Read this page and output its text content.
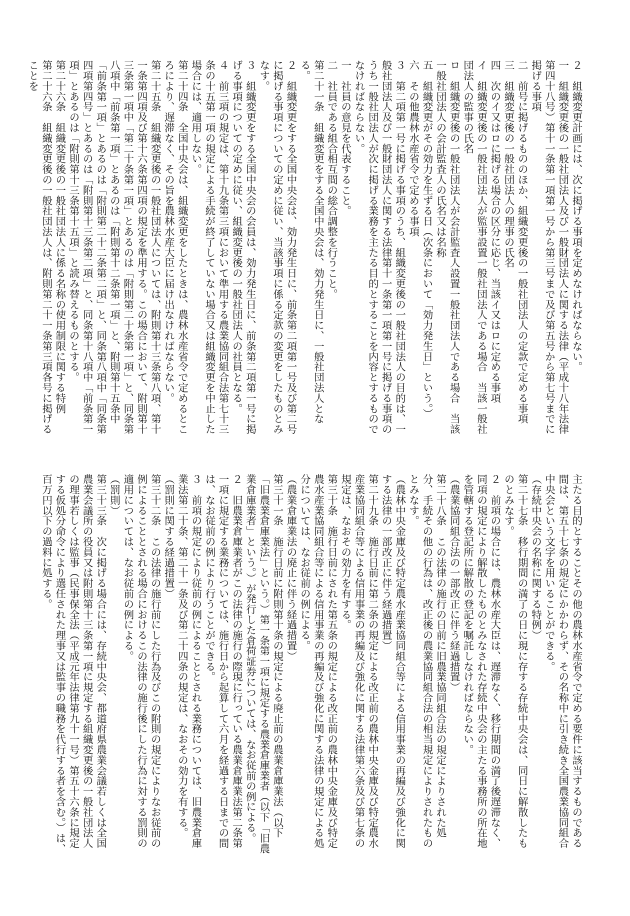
２　組織変更計画には、次に掲げる事項を定めなければならない。

一　組織変更後の一般社団法人及び一般財団法人に関する法律（平成十八年法律第四十八号）第十一条第一項第一号から第三号まで及び第五号から第七号までに掲げる事項

二　前号に掲げるもののほか、組織変更後の一般社団法人の定款で定める事項

三　組織変更後の一般社団法人の理事の氏名

四　次のイ又はロに掲げる場合の区分に応じ、当該イ又はロに定める事項

イ　組織変更後の一般社団法人が監事設置一般社団法人である場合　当該一般社団法人の監事の氏名

ロ　組織変更後の一般社団法人が会計監査人設置一般社団法人である場合　当該一般社団法人の会計監査人の氏名又は名称

五　組織変更がその効力を生ずる日（次条において「効力発生日」という。）

六　その他農林水産省令で定める事項

３　第二項第一号に掲げる事項のうち、組織変更後の一般社団法人の目的は、一般社団法人及び一般財団法人に関する法律第十一条第一項第一号に掲げる事項のうち一般社団法人が次に掲げる業務を主たる目的とすることを内容とするものでなければならない。

一　社員の意見を代表すること。

二　社員である組合相互間の総合調整を行うこと。

第二十一条　組織変更をする全国中央会は、効力発生日に、一般社団法人となる。

２　組織変更をする全国中央会は、効力発生日に、前条第二項第一号及び第二号に掲げる事項についての定めに従い、当該事項に係る定款の変更をしたものとみなす。

３　組織変更をする全国中央会の会員は、効力発生日に、前条第二項第一号に掲げる事項についての定めに従い、組織変更後の一般社団法人の社員となる。

４　前三項の規定は、第十九条第三項において準用する農業協同組合法第七十三条の十五第一項の規定による手続が終了していない場合又は組織変更を中止した場合には、適用しない。

第二十四条　全国中央会は、組織変更をしたときは、農林水産省令で定めるところにより、遅滞なく、その旨を農林水産大臣に届け出なければならない。

第二十五条　組織変更後の一般社団法人については、附則第十三条第八項、第十一条第四項及び第十六条第四項の規定を準用する。この場合において、附則第十三条第一項中「第二十条第一項」とあるのは「附則第二十条第一項」と、同条第八項中「前条第一項」とあるのは「附則第十二条第一項」と、附則第十五条中「前条第一項」とあるのは「附則第二十二条第二項」と、同条第八項中「同条第四項第四号」とあるのは「附則第十三条第二項」と、同条第十八項中「前条第一項」とあるのは「附則第十三条第十五項」と読み替えるものとする。

第二十六条　組織変更後の一般社団法人に係る名称の使用制限に関する特例

第二十六条　組織変更後の一般社団法人は、附則第二十一条第三項各号に掲げることを

主たる目的とすることその他の農林水産省令で定める要件に該当するものである間は、第五十七条の規定にかかわらず、その名称中に引き続き全国農業協同組合中央会という文字を用いることができる。

（存続中央会の名称に関する特例）

第二十七条　移行期間の満了の日に現に存する存続中央会は、同日に解散したものとみなす。

２　前項の場合には、農林水産大臣は、遅滞なく、移行期間の満了後遅滞なく、同項の規定により解散したものとみなされた存続中央会の主たる事務所の所在地を管轄する登記所に解散の登記を嘱託しなければならない。

（農業協同組合法の一部改正に伴う経過措置）

第二十八条　この法律の施行の日前に旧農業協同組合法の規定によりされた処分、手続その他の行為は、改正後の農業協同組合法の相当規定によりされたものとみなす。

（農林中央金庫及び特定農水産業協同組合等による信用事業の再編及び強化に関する法律の一部改正に伴う経過措置）

第二十九条　施行日前に第二条の規定による改正前の農林中央金庫及び特定農水産業協同組合等による信用事業の再編及び強化に関する法律第六条及び第七条の規定は、なおその効力を有する。

第三十条　施行日前にされた第五条の規定による改正前の農林中央金庫及び特定農水産業協同組合等による信用事業の再編及び強化に関する法律の規定による処分については、なお従前の例による。

（農業倉庫業法の廃止に伴う経過措置）

第三十一条　施行日前に附則第十条の規定による廃止前の農業倉庫業法（以下「旧農業倉庫業法」という。）第一条第一項に規定する農業倉庫業者（以下「旧農業倉庫業者」という。）が発行した倉荷証券については、なお従前の例による。

２　旧農業倉庫業者がこの法律の施行の際現に行っている農業倉庫業法第二条第一項に規定する業務については、施行日から起算して六月を経過する日までの間は、なお従前の例により行うことができる。

３　前項の規定により従前の例によることとされる業務については、旧農業倉庫業法第二十条、第二十一条及び第二十四条の規定は、なおその効力を有する。

（罰則に関する経過措置）

第三十二条　この法律の施行前にした行為及びこの附則の規定によりなお従前の例によることとされる場合におけるこの法律の施行後にした行為に対する罰則の適用については、なお従前の例による。

（罰則）

第三十三条　次に掲げる場合には、存続中央会、都道府県農業会議若しくは全国農業会議所の役員又は附則第十三条第一項に規定する組織変更後の一般社団法人の理事若しくは監事（民事保全法（平成元年法律第九十一号）第五十六条に規定する仮処分命令により選任された理事又は監事の職務を代行する者を含む。）は、百万円以下の過料に処する。
